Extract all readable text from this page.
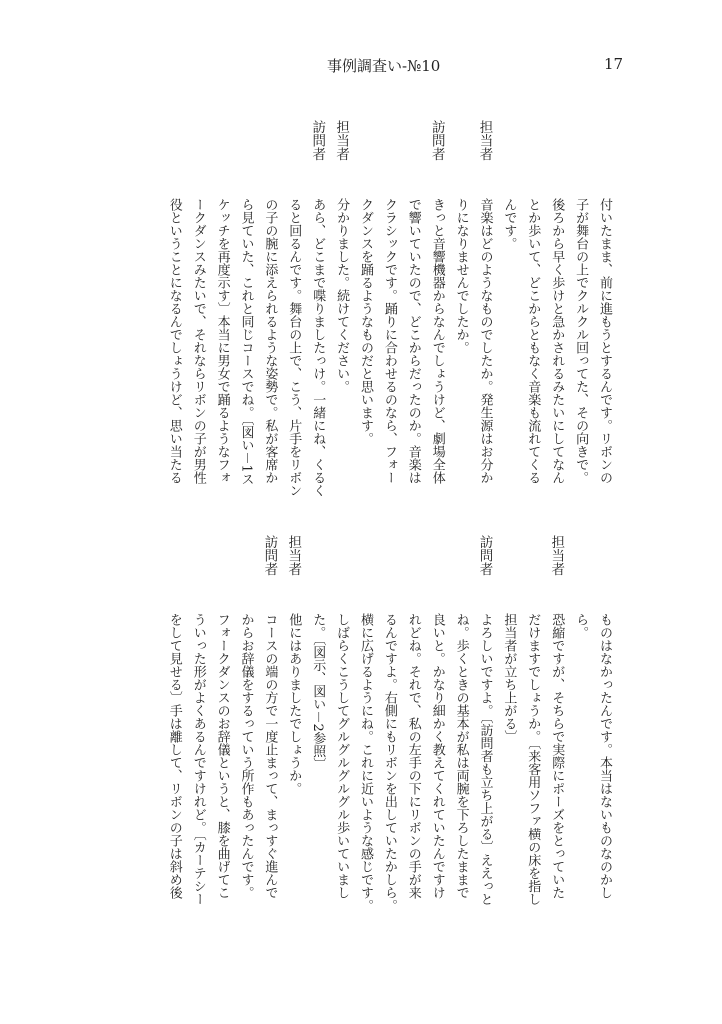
事例調査い-№10	17
付いたまま、前に進もうとするんです。リボンの
子が舞台の上でクルクル回ってた、その向きで。
後ろから早く歩けと急かされるみたいにしてなん
とか歩いて、どこからともなく音楽も流れてくる
んです。
担当者
音楽はどのようなものでしたか。発生源はお分か
りになりませんでしたか。
訪問者
きっと音響機器からなんでしょうけど、劇場全体
で響いていたので、どこからだったのか。音楽は
クラシックです。踊りに合わせるのなら、フォー
クダンスを踊るようなものだと思います。
担当者
分かりました。続けてください。
訪問者
あら、どこまで喋りましたっけ。一緒にね、くるく
ると回るんです。舞台の上で、こう、片手をリボン
の子の腕に添えられるような姿勢で。私が客席か
ら見ていた、これと同じコースでね。〔図い－1ス
ケッチを再度示す〕本当に男女で踊るようなフォ
ークダンスみたいで、それならリボンの子が男性
役ということになるんでしょうけど、思い当たる
ものはなかったんです。本当はないものなのかし
ら。
担当者
恐縮ですが、そちらで実際にポーズをとっていた
だけますでしょうか。〔来客用ソファ横の床を指し
担当者が立ち上がる〕
訪問者
よろしいですよ。〔訪問者も立ち上がる〕ええっと
ね。歩くときの基本が私は両腕を下ろしたままで
良いと。かなり細かく教えてくれていたんですけ
れどね。それで、私の左手の下にリボンの手が来
るんですよ。右側にもリボンを出していたかしら。
横に広げるようにね。これに近いような感じです。
しばらくこうしてグルグルグルグル歩いていまし
た。〔図示、図い－2参照〕
担当者
他にはありましたでしょうか。
訪問者
コースの端の方で一度止まって、まっすぐ進んで
からお辞儀をするっていう所作もあったんです。
フォークダンスのお辞儀というと、膝を曲げてこ
ういった形がよくあるんですけれど。〔カーテシー
をして見せる〕手は離して、リボンの子は斜め後
